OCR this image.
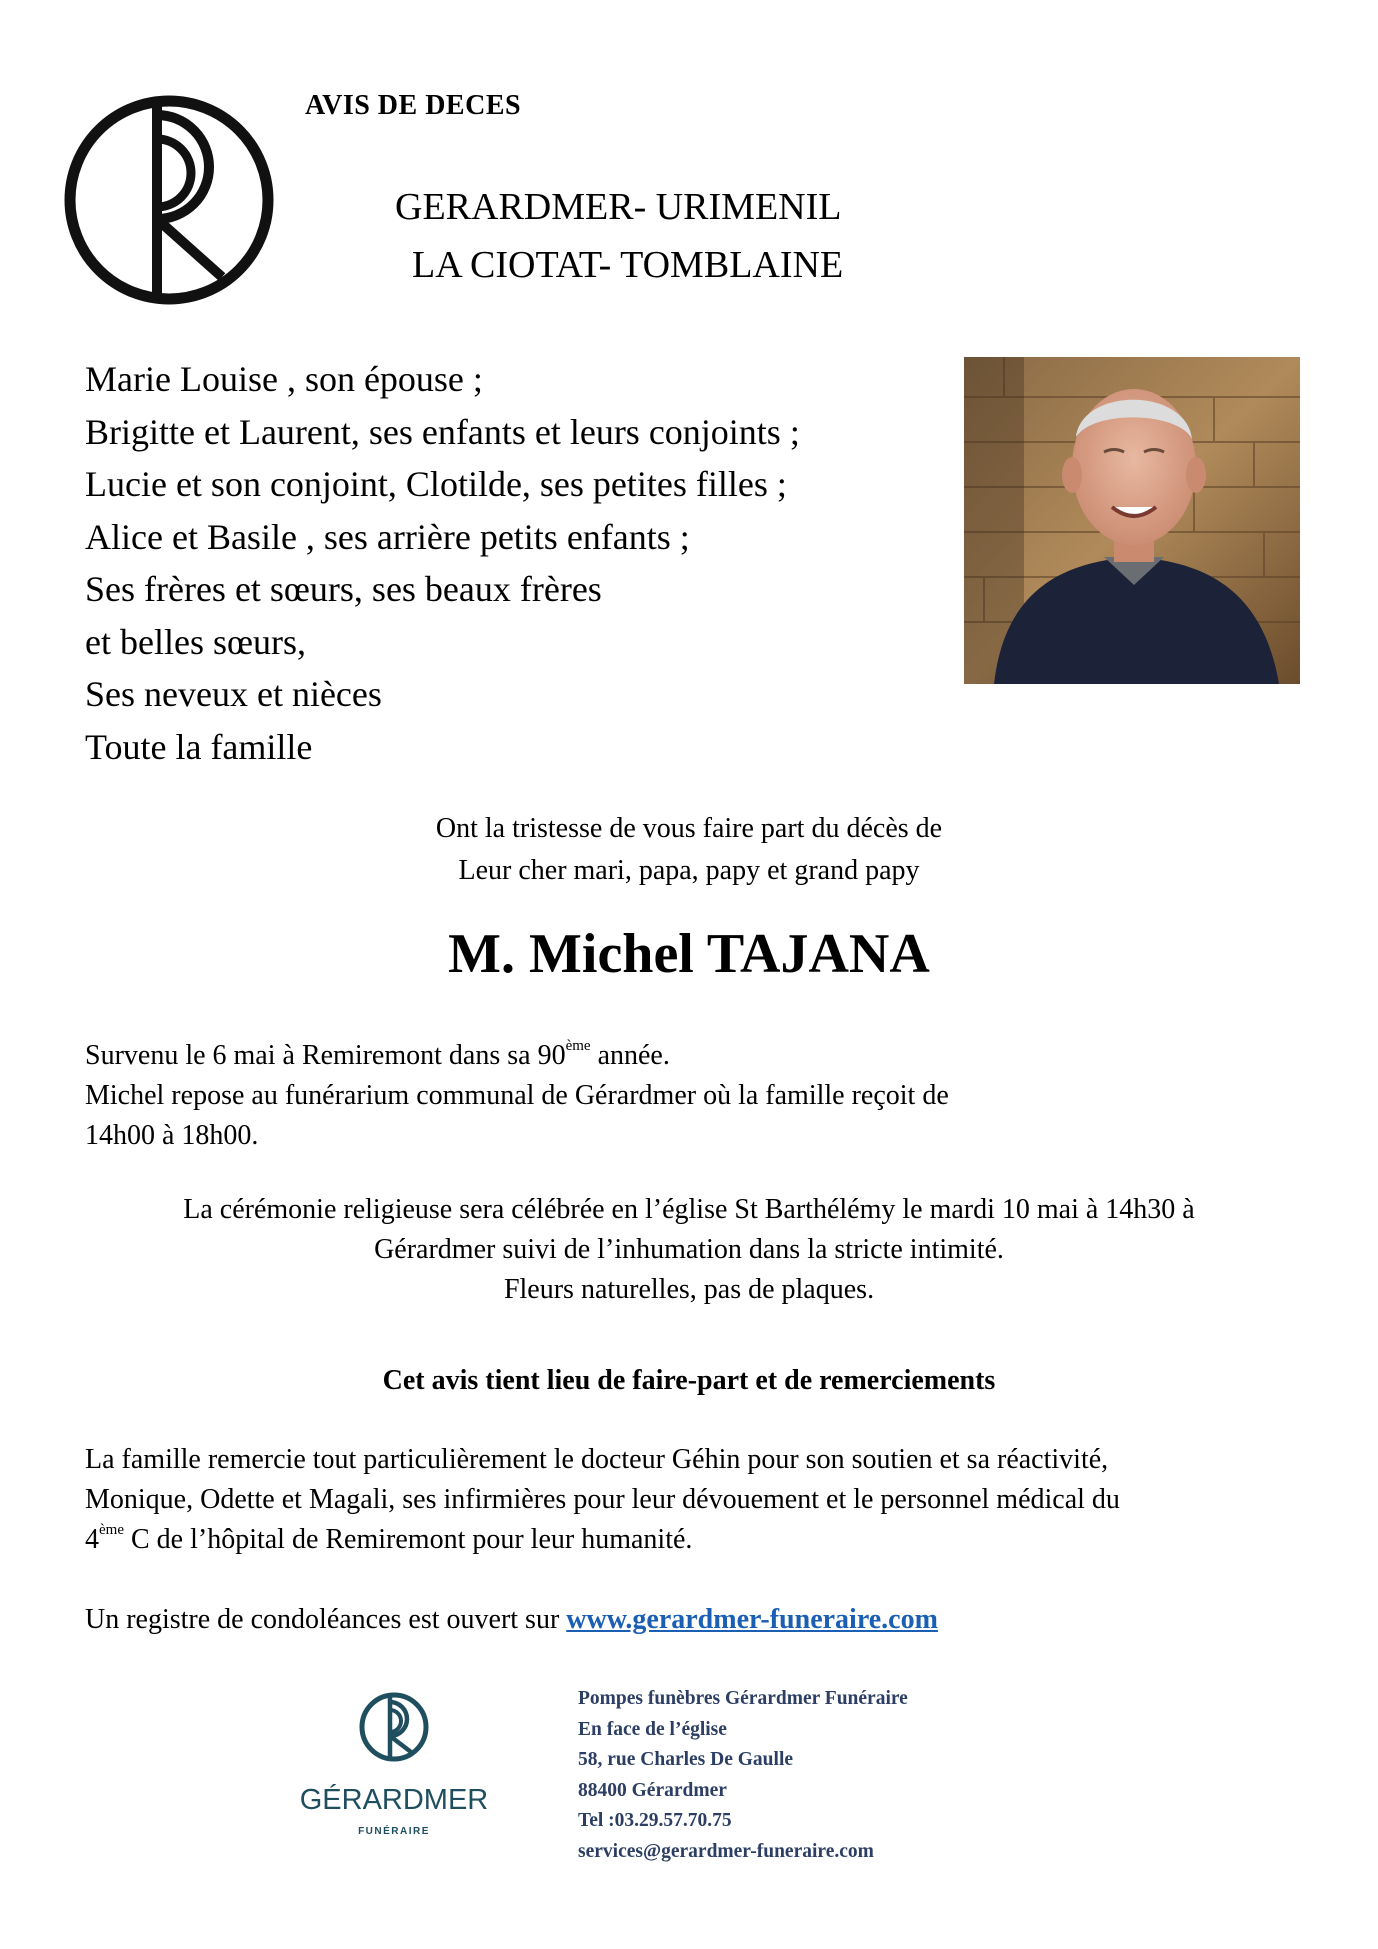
AVIS DE DECES
GERARDMER- URIMENIL
LA CIOTAT- TOMBLAINE
Marie Louise , son épouse ;
Brigitte et Laurent, ses enfants et leurs conjoints ;
Lucie et son conjoint, Clotilde, ses petites filles ;
Alice et Basile , ses arrière petits enfants ;
Ses frères et sœurs, ses beaux frères
et belles sœurs,
Ses neveux et nièces
Toute la famille
Ont la tristesse de vous faire part du décès de
Leur cher mari, papa, papy et grand papy
M. Michel TAJANA
Survenu le 6 mai à Remiremont dans sa 90ème année.
Michel repose au funérarium communal de Gérardmer où la famille reçoit de
14h00 à 18h00.
La cérémonie religieuse sera célébrée en l’église St Barthélémy le mardi 10 mai à 14h30 à
Gérardmer suivi de l’inhumation dans la stricte intimité.
Fleurs naturelles, pas de plaques.
Cet avis tient lieu de faire-part et de remerciements
La famille remercie tout particulièrement le docteur Géhin pour son soutien et sa réactivité,
Monique, Odette et Magali, ses infirmières pour leur dévouement et le personnel médical du
4ème C de l’hôpital de Remiremont pour leur humanité.
Un registre de condoléances est ouvert sur www.gerardmer-funeraire.com
GÉRARDMER
FUNÉRAIRE
Pompes funèbres Gérardmer Funéraire
En face de l’église
58, rue Charles De Gaulle
88400 Gérardmer
Tel :03.29.57.70.75
services@gerardmer-funeraire.com
